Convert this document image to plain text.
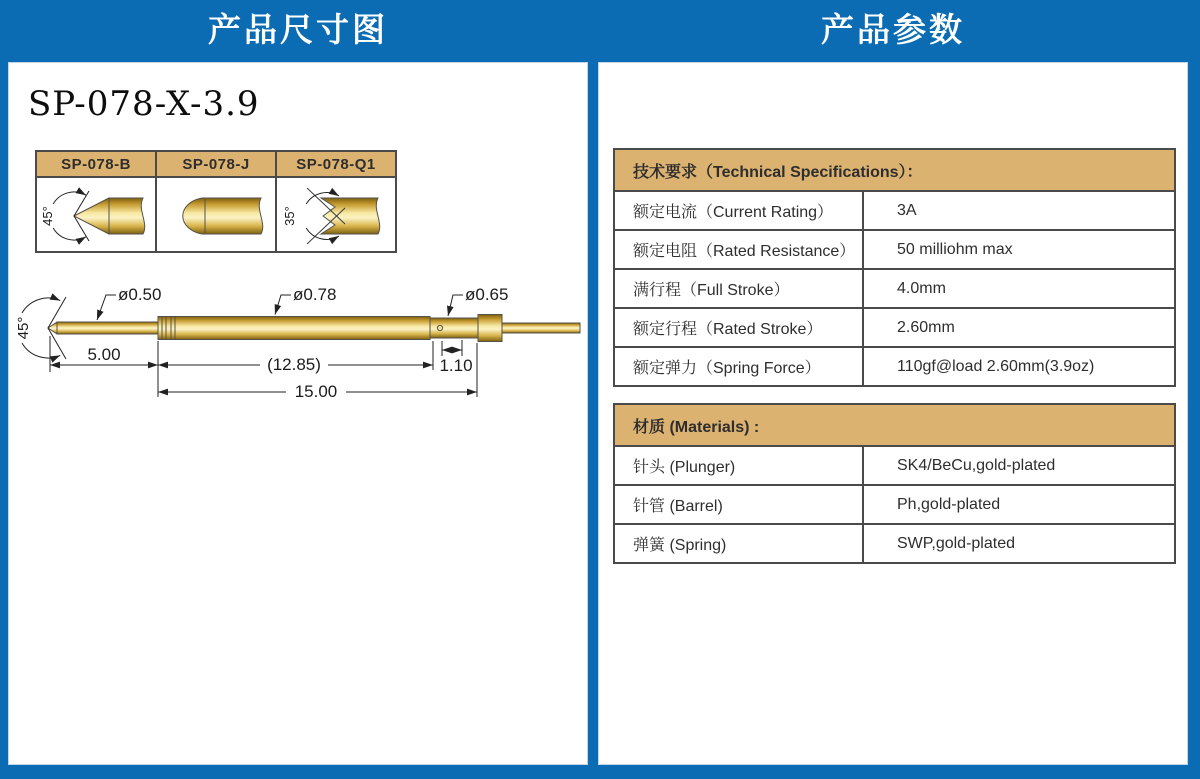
产品尺寸图	产品参数
SP-078-X-3.9
SP-078-B	SP-078-J	SP-078-Q1

45°		35°
45°
ø0.50	ø0.78	ø0.65
5.00
(12.85)	1.10
15.00
技术要求（Technical Specifications）：	
额定电流（Current Rating）	3A
额定电阻（Rated Resistance）	50 milliohm max
满行程（Full Stroke）	4.0mm
额定行程（Rated Stroke）	2.60mm
额定弹力（Spring Force）	110gf@load 2.60mm(3.9oz)
材质 (Materials) :	
针头 (Plunger)	SK4/BeCu,gold-plated
针管 (Barrel)	Ph,gold-plated
弹簧 (Spring)	SWP,gold-plated
